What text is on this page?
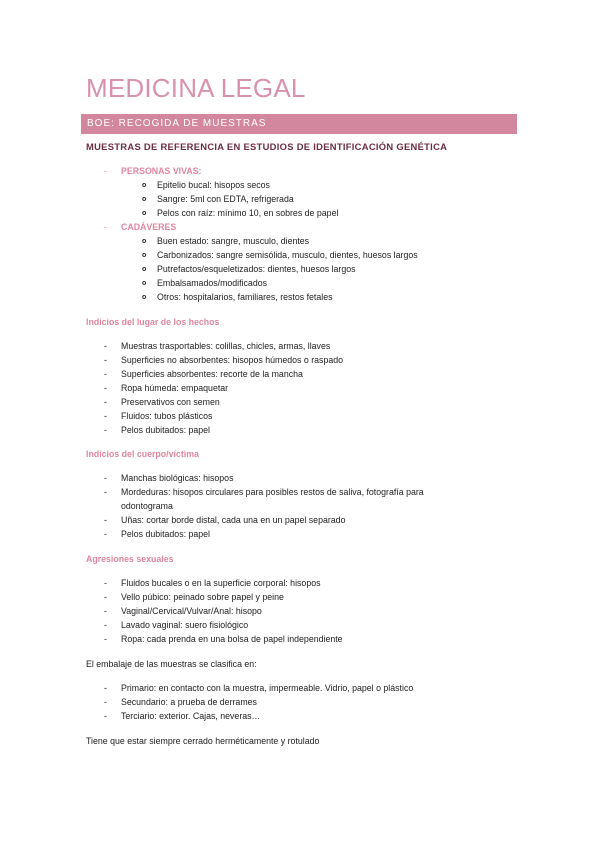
MEDICINA LEGAL
BOE: RECOGIDA DE MUESTRAS
MUESTRAS DE REFERENCIA EN ESTUDIOS DE IDENTIFICACIÓN GENÉTICA
- PERSONAS VIVAS:
o Epitelio bucal: hisopos secos
o Sangre: 5ml con EDTA, refrigerada
o Pelos con raíz: mínimo 10, en sobres de papel
- CADÁVERES
o Buen estado: sangre, musculo, dientes
o Carbonizados: sangre semisólida, musculo, dientes, huesos largos
o Putrefactos/esqueletizados: dientes, huesos largos
o Embalsamados/modificados
o Otros: hospitalarios, familiares, restos fetales
Indicios del lugar de los hechos
- Muestras trasportables: colillas, chicles, armas, llaves
- Superficies no absorbentes: hisopos húmedos o raspado
- Superficies absorbentes: recorte de la mancha
- Ropa húmeda: empaquetar
- Preservativos con semen
- Fluidos: tubos plásticos
- Pelos dubitados: papel
Indicios del cuerpo/víctima
- Manchas biológicas: hisopos
- Mordeduras: hisopos circulares para posibles restos de saliva, fotografía para
odontograma
- Uñas: cortar borde distal, cada una en un papel separado
- Pelos dubitados: papel
Agresiones sexuales
- Fluidos bucales o en la superficie corporal: hisopos
- Vello púbico: peinado sobre papel y peine
- Vaginal/Cervical/Vulvar/Anal: hisopo
- Lavado vaginal: suero fisiológico
- Ropa: cada prenda en una bolsa de papel independiente
El embalaje de las muestras se clasifica en:
- Primario: en contacto con la muestra, impermeable. Vidrio, papel o plástico
- Secundario: a prueba de derrames
- Terciario: exterior. Cajas, neveras…
Tiene que estar siempre cerrado herméticamente y rotulado
